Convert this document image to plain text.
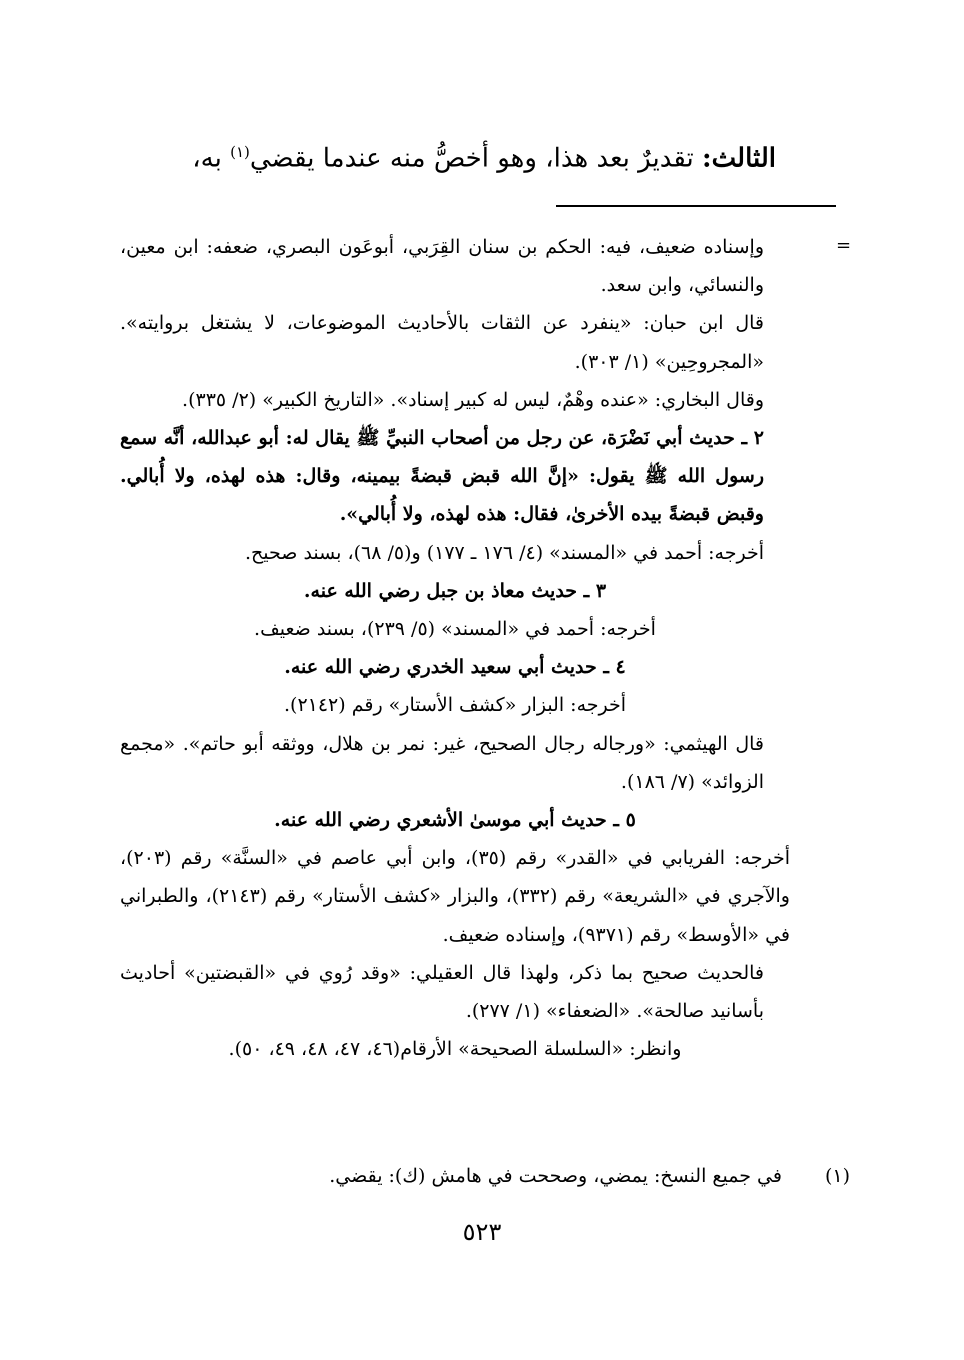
الثالث: تقديرٌ بعد هذا، وهو أخصُّ منه عندما يقضي$^{(١)}$ به،
=

وإسناده ضعيف، فيه: الحكم بن سنان القِرَبي، أبوعَون البصري، ضعفه: ابن معين، والنسائي، وابن سعد.

قال ابن حبان: «ينفرد عن الثقات بالأحاديث الموضوعات، لا يشتغل بروايته». «المجروحِين» (١/ ٣٠٣).

وقال البخاري: «عنده وهْمٌ، ليس له كبير إسناد». «التاريخ الكبير» (٢/ ٣٣٥).

٢ ـ حديث أبي نَضْرَة، عن رجل من أصحاب النبيِّ ﷺ يقال له: أبو عبدالله، أنَّه سمع رسول الله ﷺ يقول: «إنَّ الله قبض قبضةً بيمينه، وقال: هذه لهذه، ولا أُبالي. وقبض قبضةً بيده الأخرىٰ، فقال: هذه لهذه، ولا أُبالي».

أخرجه: أحمد في «المسند» (٤/ ١٧٦ ـ ١٧٧) و(٥/ ٦٨)، بسند صحيح.

٣ ـ حديث معاذ بن جبل رضي الله عنه.

أخرجه: أحمد في «المسند» (٥/ ٢٣٩)، بسند ضعيف.

٤ ـ حديث أبي سعيد الخدري رضي الله عنه.

أخرجه: البزار «كشف الأستار» رقم (٢١٤٢).

قال الهيثمي: «ورجاله رجال الصحيح، غير: نمر بن هلال، ووثقه أبو حاتم». «مجمع الزوائد» (٧/ ١٨٦).

٥ ـ حديث أبي موسىٰ الأشعري رضي الله عنه.

أخرجه: الفريابي في «القدر» رقم (٣٥)، وابن أبي عاصم في «السنَّة» رقم (٢٠٣)، والآجري في «الشريعة» رقم (٣٣٢)، والبزار «كشف الأستار» رقم (٢١٤٣)، والطبراني في «الأوسط» رقم (٩٣٧١)، وإسناده ضعيف.

فالحديث صحيح بما ذكر، ولهذا قال العقيلي: «وقد رُوي في «القبضتين» أحاديث بأسانيد صالحة». «الضعفاء» (١/ ٢٧٧).

وانظر: «السلسلة الصحيحة» الأرقام(٤٦، ٤٧، ٤٨، ٤٩، ٥٠).

(١) في جميع النسخ: يمضي، وصححت في هامش (ك): يقضي.
٥٢٣
